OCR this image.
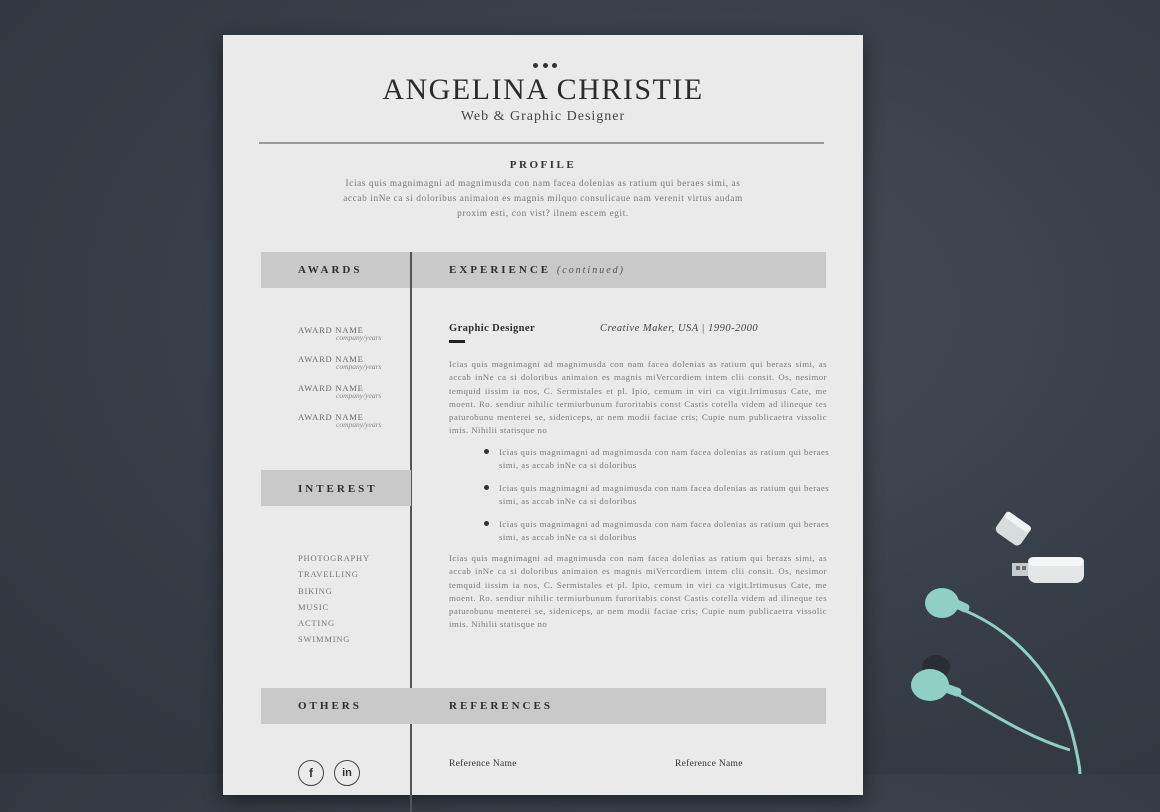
ANGELINA CHRISTIE
Web & Graphic Designer
PROFILE
Icias quis magnimagni ad magnimusda con nam facea dolenias as ratium qui beraes simi, as accab inNe ca si doloribus animaion es magnis milquo consulicaue nam verenit virtus audam proxim esti, con vist? ilnem escem egit.
AWARDS	EXPERIENCE (continued)
AWARD NAME
company/years
AWARD NAME
company/years
AWARD NAME
company/years
AWARD NAME
company/years
INTEREST
PHOTOGRAPHY
TRAVELLING
BIKING
MUSIC
ACTING
SWIMMING
Graphic Designer	Creative Maker, USA | 1990-2000
Icias quis magnimagni ad magnimusda con nam facea dolenias as ratium qui berazs simi, as accab inNe ca si doloribus animaion es magnis miVercordiem intem clii consit. Os, nesimor temquid iissim ia nos, C. Sermistales et pl. Ipio, cemum in viri ca vigit.Irtimusus Cate, me moent. Ro. sendiur nihilic termiurbunum furoritabis const Castis cotella videm ad ilineque tes paturobunu menterei se, sideniceps, ar nem modii faciae cris; Cupie num publicaetra vissolic imis. Nihilii statisque no
Icias quis magnimagni ad magnimusda con nam facea dolenias as ratium qui beraes simi, as accab inNe ca si doloribus
Icias quis magnimagni ad magnimusda con nam facea dolenias as ratium qui beraes simi, as accab inNe ca si doloribus
Icias quis magnimagni ad magnimusda con nam facea dolenias as ratium qui beraes simi, as accab inNe ca si doloribus
Icias quis magnimagni ad magnimusda con nam facea dolenias as ratium qui berazs simi, as accab inNe ca si doloribus animaion es magnis miVercordiem intem clii consit. Os, nesimor temquid iissim ia nos, C. Sermistales et pl. Ipio, cemum in viri ca vigit.Irtimusus Cate, me moent. Ro. sendiur nihilic termiurbunum furoritabis const Castis cotella videm ad ilineque tes paturobunu menterei se, sideniceps, ar nem modii faciae cris; Cupie num publicaetra vissolic imis. Nihilii statisque no
OTHERS	REFERENCES
f	in
Reference Name	Reference Name
